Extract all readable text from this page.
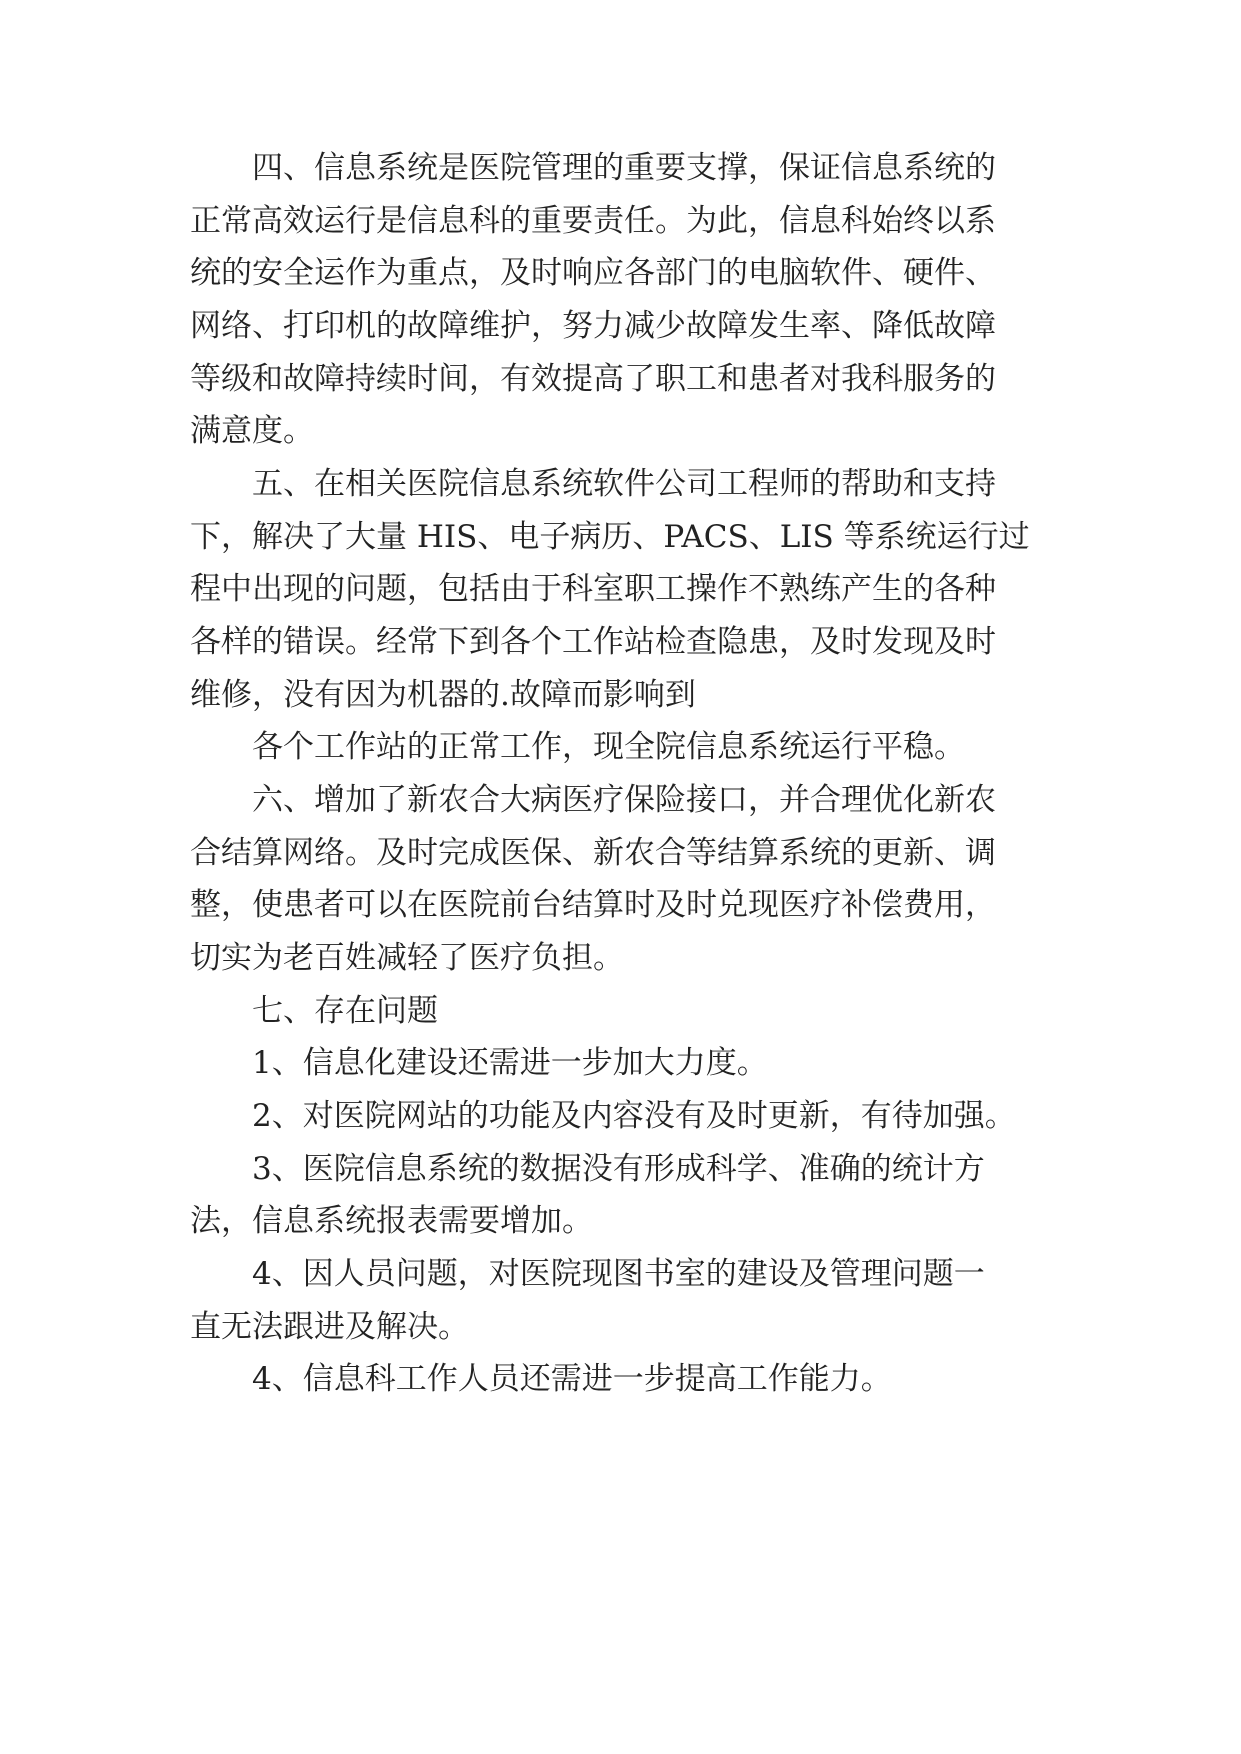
四、信息系统是医院管理的重要支撑，保证信息系统的
正常高效运行是信息科的重要责任。为此，信息科始终以系
统的安全运作为重点，及时响应各部门的电脑软件、硬件、
网络、打印机的故障维护，努力减少故障发生率、降低故障
等级和故障持续时间，有效提高了职工和患者对我科服务的
满意度。
五、在相关医院信息系统软件公司工程师的帮助和支持
下，解决了大量 HIS、电子病历、PACS、LIS 等系统运行过
程中出现的问题，包括由于科室职工操作不熟练产生的各种
各样的错误。经常下到各个工作站检查隐患，及时发现及时
维修，没有因为机器的.故障而影响到
各个工作站的正常工作，现全院信息系统运行平稳。
六、增加了新农合大病医疗保险接口，并合理优化新农
合结算网络。及时完成医保、新农合等结算系统的更新、调
整，使患者可以在医院前台结算时及时兑现医疗补偿费用，
切实为老百姓减轻了医疗负担。
七、存在问题
1、信息化建设还需进一步加大力度。
2、对医院网站的功能及内容没有及时更新，有待加强。
3、医院信息系统的数据没有形成科学、准确的统计方
法，信息系统报表需要增加。
4、因人员问题，对医院现图书室的建设及管理问题一
直无法跟进及解决。
4、信息科工作人员还需进一步提高工作能力。
